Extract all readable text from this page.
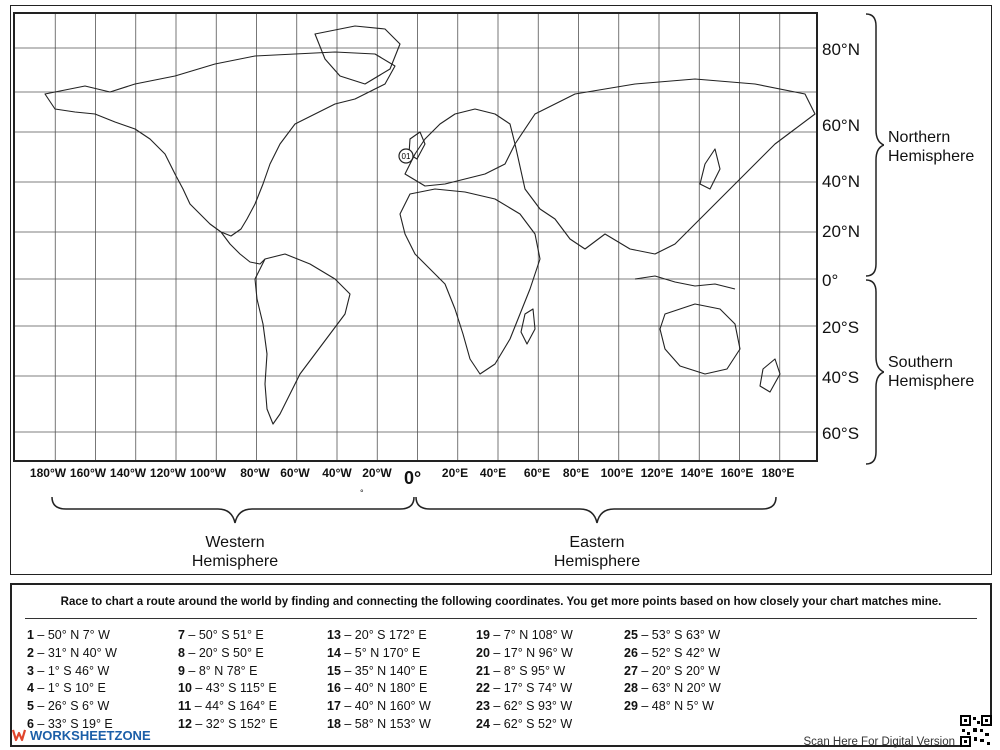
01
80°N
60°N
40°N
20°N
0°
20°S
40°S
60°S
Northern
Hemisphere
Southern
Hemisphere
180°W 160°W 140°W 120°W 100°W 80°W 60°W 40°W 20°W	20°E 40°E 60°E 80°E 100°E 120°E 140°E 160°E 180°E
0°
°
Western
Hemisphere
Eastern
Hemisphere
Race to chart a route around the world by finding and connecting the following coordinates. You get more points based on how closely your chart matches mine.
1 – 50° N 7° W
2 – 31° N 40° W
3 – 1° S 46° W
4 – 1° S 10° E
5 – 26° S 6° W
6 – 33° S 19° E
7 – 50° S 51° E
8 – 20° S 50° E
9 – 8° N 78° E
10 – 43° S 115° E
11 – 44° S 164° E
12 – 32° S 152° E
13 – 20° S 172° E
14 – 5° N 170° E
15 – 35° N 140° E
16 – 40° N 180° E
17 – 40° N 160° W
18 – 58° N 153° W
19 – 7° N 108° W
20 – 17° N 96° W
21 – 8° S 95° W
22 – 17° S 74° W
23 – 62° S 93° W
24 – 62° S 52° W
25 – 53° S 63° W
26 – 52° S 42° W
27 – 20° S 20° W
28 – 63° N 20° W
29 – 48° N 5° W
WORKSHEETZONE	Scan Here For Digital Version
